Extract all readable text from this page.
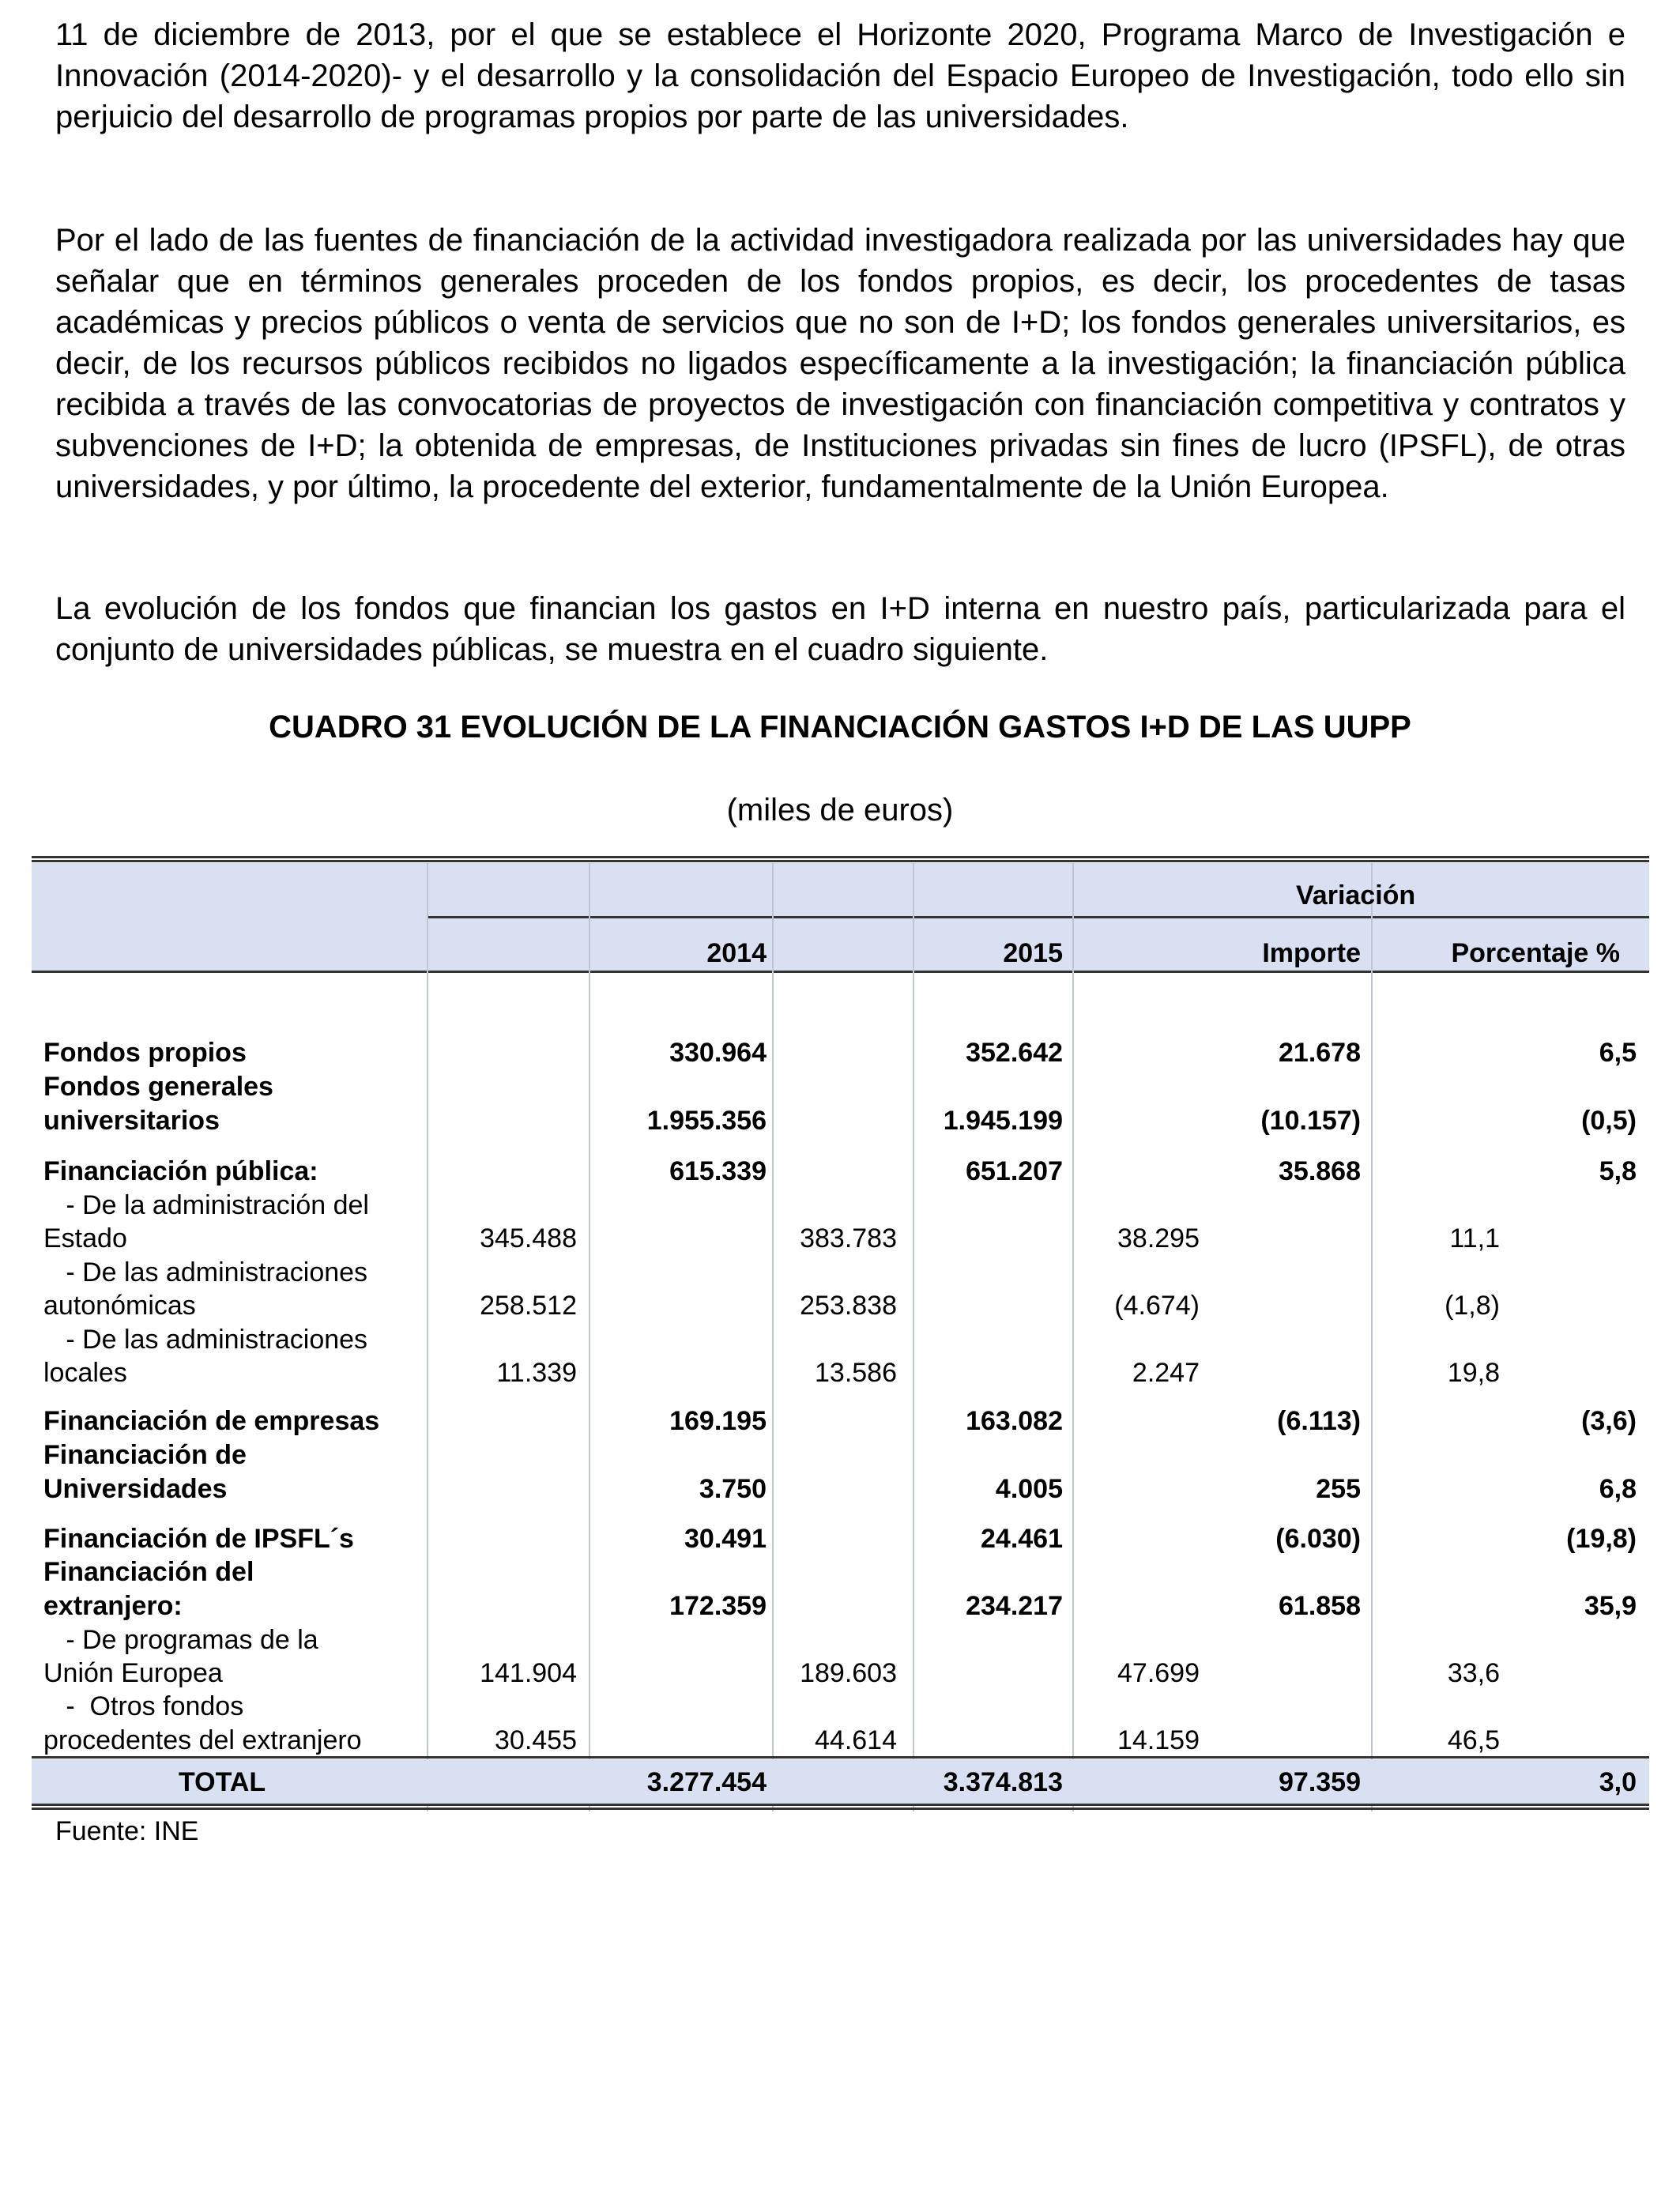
11 de diciembre de 2013, por el que se establece el Horizonte 2020, Programa Marco de Investigación e Innovación (2014-2020)- y el desarrollo y la consolidación del Espacio Europeo de Investigación, todo ello sin perjuicio del desarrollo de programas propios por parte de las universidades.

Por el lado de las fuentes de financiación de la actividad investigadora realizada por las universidades hay que señalar que en términos generales proceden de los fondos propios, es decir, los procedentes de tasas académicas y precios públicos o venta de servicios que no son de I+D; los fondos generales universitarios, es decir, de los recursos públicos recibidos no ligados específicamente a la investigación; la financiación pública recibida a través de las convocatorias de proyectos de investigación con financiación competitiva y contratos y subvenciones de I+D; la obtenida de empresas, de Instituciones privadas sin fines de lucro (IPSFL), de otras universidades, y por último, la procedente del exterior, fundamentalmente de la Unión Europea.

La evolución de los fondos que financian los gastos en I+D interna en nuestro país, particularizada para el conjunto de universidades públicas, se muestra en el cuadro siguiente.

CUADRO 31 EVOLUCIÓN DE LA FINANCIACIÓN GASTOS I+D DE LAS UUPP

(miles de euros)

Variación
2014	2015	Importe	Porcentaje %
Fondos propios	330.964	352.642	21.678	6,5
Fondos generales
universitarios	1.955.356	1.945.199	(10.157)	(0,5)
Financiación pública:	615.339	651.207	35.868	5,8
- De la administración del
Estado	345.488	383.783	38.295	11,1
- De las administraciones
autonómicas	258.512	253.838	(4.674)	(1,8)
- De las administraciones
locales	11.339	13.586	2.247	19,8
Financiación de empresas	169.195	163.082	(6.113)	(3,6)
Financiación de
Universidades	3.750	4.005	255	6,8
Financiación de IPSFL´s	30.491	24.461	(6.030)	(19,8)
Financiación del
extranjero:	172.359	234.217	61.858	35,9
- De programas de la
Unión Europea	141.904	189.603	47.699	33,6
-  Otros fondos
procedentes del extranjero	30.455	44.614	14.159	46,5
TOTAL	3.277.454	3.374.813	97.359	3,0
Fuente: INE
